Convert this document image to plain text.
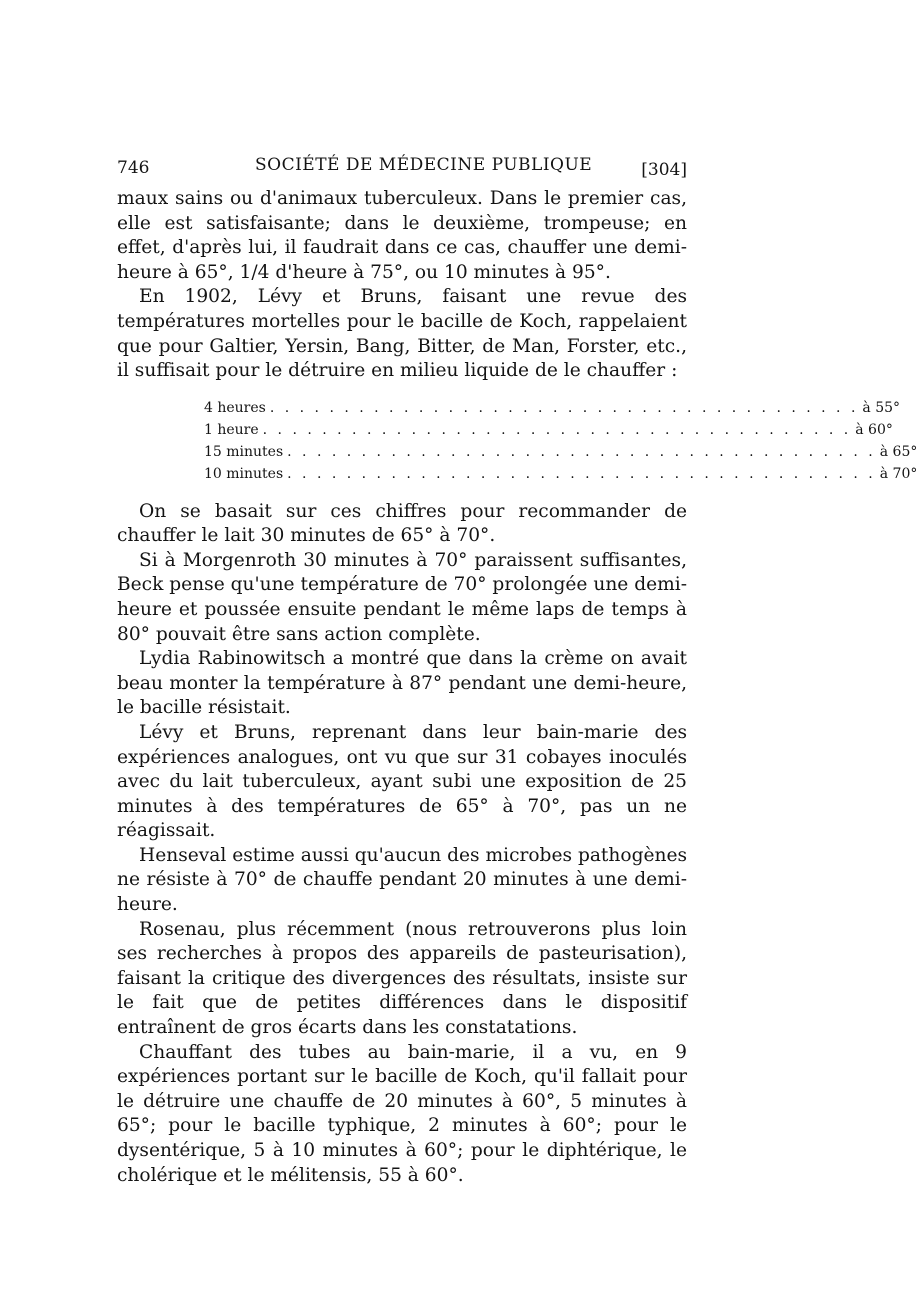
746	SOCIÉTÉ DE MÉDECINE PUBLIQUE	[304]

maux sains ou d'animaux tuberculeux. Dans le premier cas, elle est satisfaisante; dans le deuxième, trompeuse; en effet, d'après lui, il faudrait dans ce cas, chauffer une demi-heure à 65°, 1/4 d'heure à 75°, ou 10 minutes à 95°.

En 1902, Lévy et Bruns, faisant une revue des températures mortelles pour le bacille de Koch, rappelaient que pour Galtier, Yersin, Bang, Bitter, de Man, Forster, etc., il suffisait pour le détruire en milieu liquide de le chauffer :

4 heures . . . . . . . . . . . . . . . . . . . . . . . . . . . . . . . . . . . . . . . . à 55°
1 heure . . . . . . . . . . . . . . . . . . . . . . . . . . . . . . . . . . . . . . . . à 60°
15 minutes . . . . . . . . . . . . . . . . . . . . . . . . . . . . . . . . . . . . . . . . à 65°
10 minutes . . . . . . . . . . . . . . . . . . . . . . . . . . . . . . . . . . . . . . . . à 70°

On se basait sur ces chiffres pour recommander de chauffer le lait 30 minutes de 65° à 70°.

Si à Morgenroth 30 minutes à 70° paraissent suffisantes, Beck pense qu'une température de 70° prolongée une demi-heure et poussée ensuite pendant le même laps de temps à 80° pouvait être sans action complète.

Lydia Rabinowitsch a montré que dans la crème on avait beau monter la température à 87° pendant une demi-heure, le bacille résistait.

Lévy et Bruns, reprenant dans leur bain-marie des expériences analogues, ont vu que sur 31 cobayes inoculés avec du lait tuberculeux, ayant subi une exposition de 25 minutes à des températures de 65° à 70°, pas un ne réagissait.

Henseval estime aussi qu'aucun des microbes pathogènes ne résiste à 70° de chauffe pendant 20 minutes à une demi-heure.

Rosenau, plus récemment (nous retrouverons plus loin ses recherches à propos des appareils de pasteurisation), faisant la critique des divergences des résultats, insiste sur le fait que de petites différences dans le dispositif entraînent de gros écarts dans les constatations.

Chauffant des tubes au bain-marie, il a vu, en 9 expériences portant sur le bacille de Koch, qu'il fallait pour le détruire une chauffe de 20 minutes à 60°, 5 minutes à 65°; pour le bacille typhique, 2 minutes à 60°; pour le dysentérique, 5 à 10 minutes à 60°; pour le diphtérique, le cholérique et le mélitensis, 55 à 60°.
